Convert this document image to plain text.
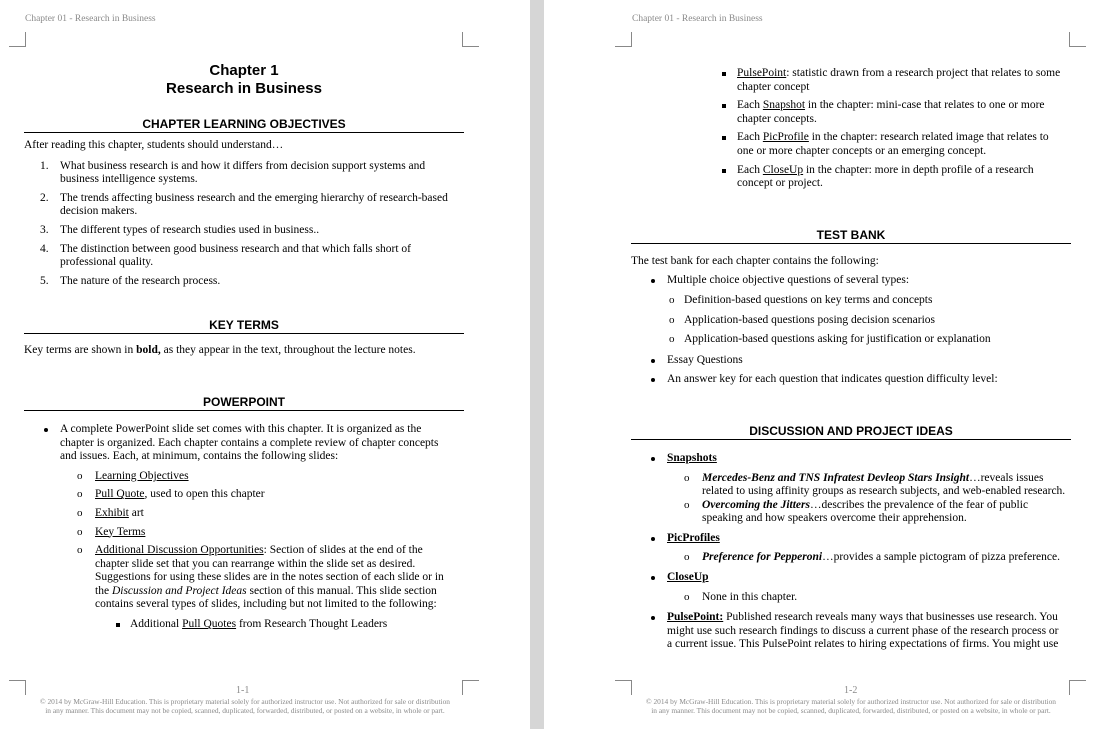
Chapter 01 - Research in Business
Chapter 1
Research in Business
CHAPTER LEARNING OBJECTIVES

After reading this chapter, students should understand…

1. What business research is and how it differs from decision support systems and
business intelligence systems.
2. The trends affecting business research and the emerging hierarchy of research-based
decision makers.
3. The different types of research studies used in business..
4. The distinction between good business research and that which falls short of
professional quality.
5. The nature of the research process.
KEY TERMS

Key terms are shown in bold, as they appear in the text, throughout the lecture notes.

POWERPOINT
A complete PowerPoint slide set comes with this chapter. It is organized as the
chapter is organized. Each chapter contains a complete review of chapter concepts
and issues. Each, at minimum, contains the following slides:
o Learning Objectives
o Pull Quote, used to open this chapter
o Exhibit art
o Key Terms
o Additional Discussion Opportunities: Section of slides at the end of the
chapter slide set that you can rearrange within the slide set as desired.
Suggestions for using these slides are in the notes section of each slide or in
the Discussion and Project Ideas section of this manual. This slide section
contains several types of slides, including but not limited to the following:
Additional Pull Quotes from Research Thought Leaders
1-1
© 2014 by McGraw-Hill Education. This is proprietary material solely for authorized instructor use. Not authorized for sale or distribution
in any manner. This document may not be copied, scanned, duplicated, forwarded, distributed, or posted on a website, in whole or part.
Chapter 01 - Research in Business
PulsePoint: statistic drawn from a research project that relates to some
chapter concept
Each Snapshot in the chapter: mini-case that relates to one or more
chapter concepts.
Each PicProfile in the chapter: research related image that relates to
one or more chapter concepts or an emerging concept.
Each CloseUp in the chapter: more in depth profile of a research
concept or project.
TEST BANK

The test bank for each chapter contains the following:

Multiple choice objective questions of several types:
o Definition-based questions on key terms and concepts
o Application-based questions posing decision scenarios
o Application-based questions asking for justification or explanation
Essay Questions
An answer key for each question that indicates question difficulty level:
DISCUSSION AND PROJECT IDEAS
Snapshots
o Mercedes-Benz and TNS Infratest Devleop Stars Insight…reveals issues
related to using affinity groups as research subjects, and web-enabled research.
o Overcoming the Jitters…describes the prevalence of the fear of public
speaking and how speakers overcome their apprehension.
PicProfiles
o Preference for Pepperoni…provides a sample pictogram of pizza preference.
CloseUp
o None in this chapter.
PulsePoint: Published research reveals many ways that businesses use research. You
might use such research findings to discuss a current phase of the research process or
a current issue. This PulsePoint relates to hiring expectations of firms. You might use
1-2
© 2014 by McGraw-Hill Education. This is proprietary material solely for authorized instructor use. Not authorized for sale or distribution
in any manner. This document may not be copied, scanned, duplicated, forwarded, distributed, or posted on a website, in whole or part.
